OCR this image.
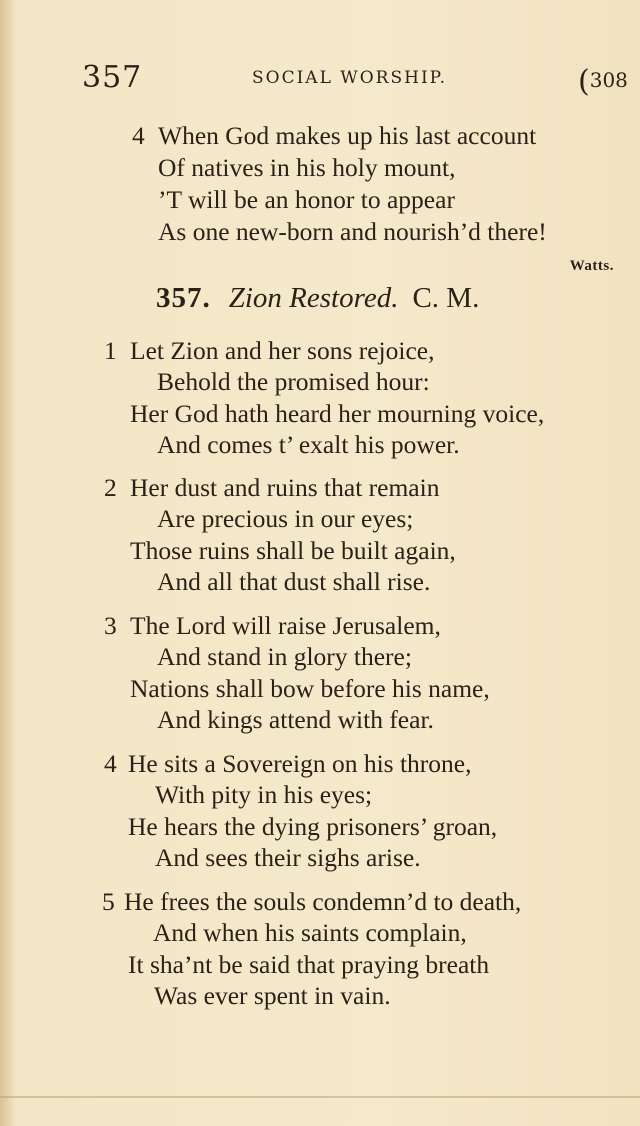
357	SOCIAL WORSHIP.	(308
4 When God makes up his last account
Of natives in his holy mount,
’T will be an honor to appear
As one new-born and nourish’d there!
Watts.
357. Zion Restored. C. M.
1 Let Zion and her sons rejoice,
Behold the promised hour:
Her God hath heard her mourning voice,
And comes t’ exalt his power.
2 Her dust and ruins that remain
Are precious in our eyes;
Those ruins shall be built again,
And all that dust shall rise.
3 The Lord will raise Jerusalem,
And stand in glory there;
Nations shall bow before his name,
And kings attend with fear.
4 He sits a Sovereign on his throne,
With pity in his eyes;
He hears the dying prisoners’ groan,
And sees their sighs arise.
5 He frees the souls condemn’d to death,
And when his saints complain,
It sha’nt be said that praying breath
Was ever spent in vain.
